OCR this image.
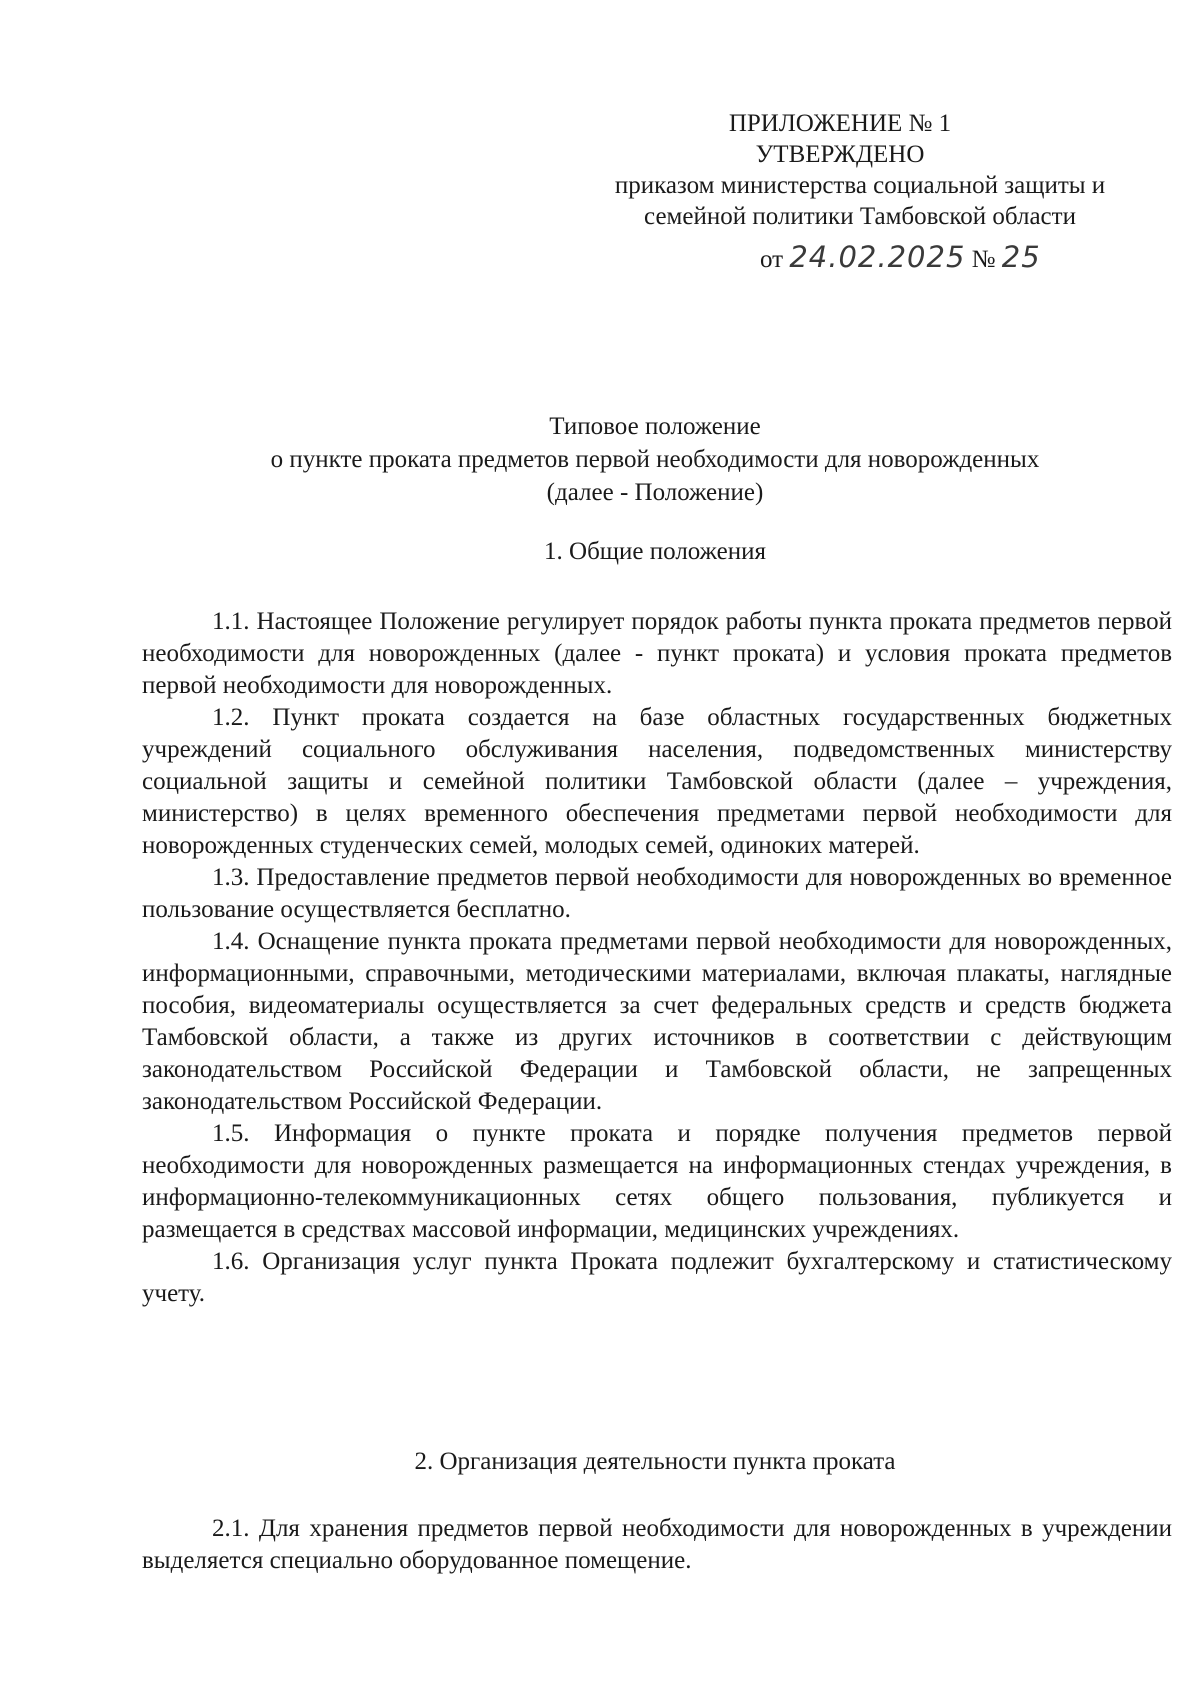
ПРИЛОЖЕНИЕ № 1
УТВЕРЖДЕНО
приказом министерства социальной защиты и
семейной политики Тамбовской области
от 24.02.2025 № 25
Типовое положение
о пункте проката предметов первой необходимости для новорожденных
(далее - Положение)
1. Общие положения

1.1. Настоящее Положение регулирует порядок работы пункта проката предметов первой необходимости для новорожденных (далее - пункт проката) и условия проката предметов первой необходимости для новорожденных.

1.2. Пункт проката создается на базе областных государственных бюджетных учреждений социального обслуживания населения, подведомственных министерству социальной защиты и семейной политики Тамбовской области (далее – учреждения, министерство) в целях временного обеспечения предметами первой необходимости для новорожденных студенческих семей, молодых семей, одиноких матерей.

1.3. Предоставление предметов первой необходимости для новорожденных во временное пользование осуществляется бесплатно.

1.4. Оснащение пункта проката предметами первой необходимости для новорожденных, информационными, справочными, методическими материалами, включая плакаты, наглядные пособия, видеоматериалы осуществляется за счет федеральных средств и средств бюджета Тамбовской области, а также из других источников в соответствии с действующим законодательством Российской Федерации и Тамбовской области, не запрещенных законодательством Российской Федерации.

1.5. Информация о пункте проката и порядке получения предметов первой необходимости для новорожденных размещается на информационных стендах учреждения, в информационно-телекоммуникационных сетях общего пользования, публикуется и размещается в средствах массовой информации, медицинских учреждениях.

1.6. Организация услуг пункта Проката подлежит бухгалтерскому и статистическому учету.

2. Организация деятельности пункта проката

2.1. Для хранения предметов первой необходимости для новорожденных в учреждении выделяется специально оборудованное помещение.
